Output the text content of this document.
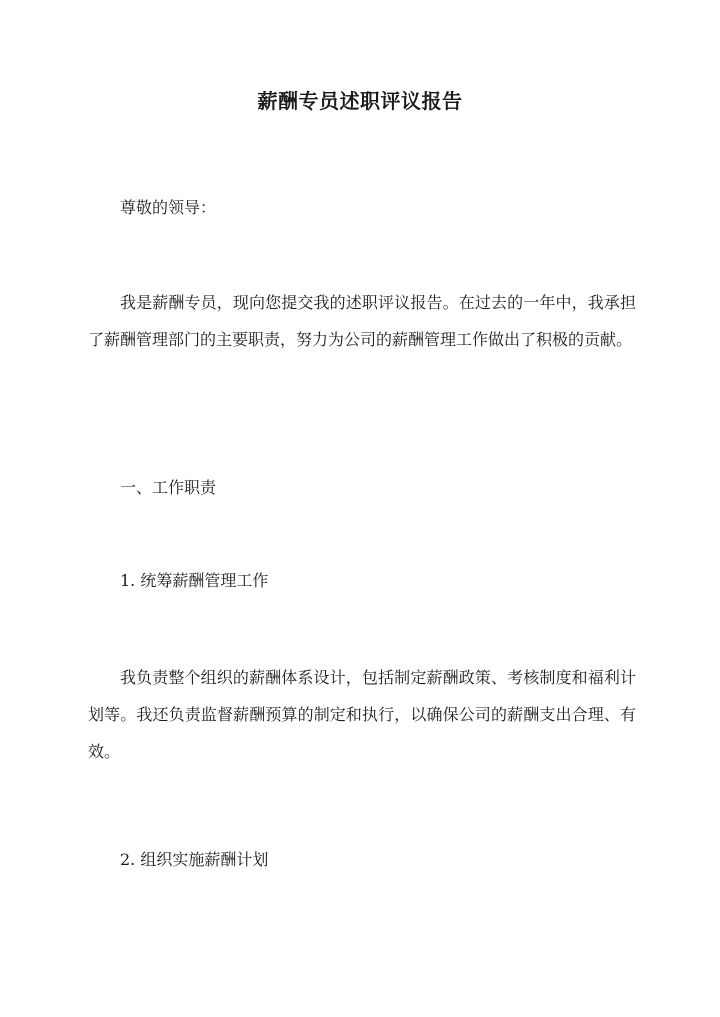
薪酬专员述职评议报告
尊敬的领导：
我是薪酬专员，现向您提交我的述职评议报告。在过去的一年中，我承担了薪酬管理部门的主要职责，努力为公司的薪酬管理工作做出了积极的贡献。
一、工作职责
1. 统筹薪酬管理工作
我负责整个组织的薪酬体系设计，包括制定薪酬政策、考核制度和福利计划等。我还负责监督薪酬预算的制定和执行，以确保公司的薪酬支出合理、有效。
2. 组织实施薪酬计划
